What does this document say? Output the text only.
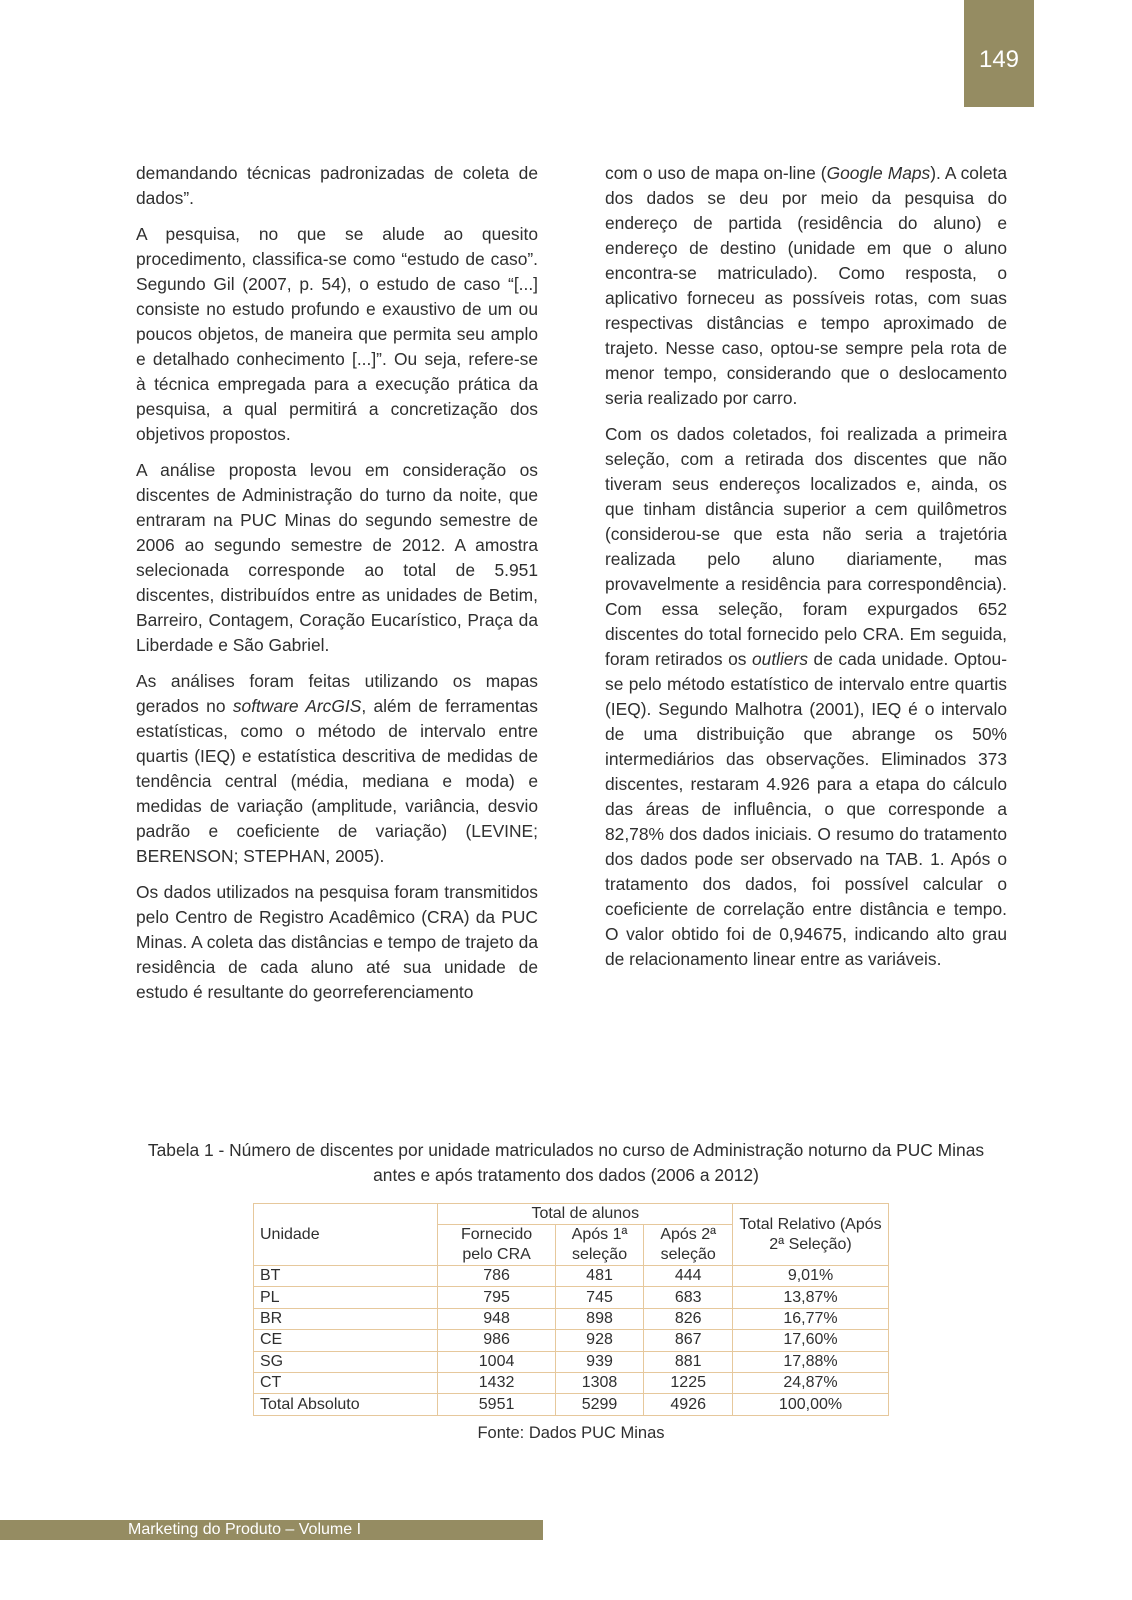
149

demandando técnicas padronizadas de coleta de dados”.

A pesquisa, no que se alude ao quesito procedimento, classifica-se como “estudo de caso”. Segundo Gil (2007, p. 54), o estudo de caso “[...] consiste no estudo profundo e exaustivo de um ou poucos objetos, de maneira que permita seu amplo e detalhado conhecimento [...]”. Ou seja, refere-se à técnica empregada para a execução prática da pesquisa, a qual permitirá a concretização dos objetivos propostos.

A análise proposta levou em consideração os discentes de Administração do turno da noite, que entraram na PUC Minas do segundo semestre de 2006 ao segundo semestre de 2012. A amostra selecionada corresponde ao total de 5.951 discentes, distribuídos entre as unidades de Betim, Barreiro, Contagem, Coração Eucarístico, Praça da Liberdade e São Gabriel.

As análises foram feitas utilizando os mapas gerados no software ArcGIS, além de ferramentas estatísticas, como o método de intervalo entre quartis (IEQ) e estatística descritiva de medidas de tendência central (média, mediana e moda) e medidas de variação (amplitude, variância, desvio padrão e coeficiente de variação) (LEVINE; BERENSON; STEPHAN, 2005).

Os dados utilizados na pesquisa foram transmitidos pelo Centro de Registro Acadêmico (CRA) da PUC Minas. A coleta das distâncias e tempo de trajeto da residência de cada aluno até sua unidade de estudo é resultante do georreferenciamento

com o uso de mapa on-line (Google Maps). A coleta dos dados se deu por meio da pesquisa do endereço de partida (residência do aluno) e endereço de destino (unidade em que o aluno encontra-se matriculado). Como resposta, o aplicativo forneceu as possíveis rotas, com suas respectivas distâncias e tempo aproximado de trajeto. Nesse caso, optou-se sempre pela rota de menor tempo, considerando que o deslocamento seria realizado por carro.

Com os dados coletados, foi realizada a primeira seleção, com a retirada dos discentes que não tiveram seus endereços localizados e, ainda, os que tinham distância superior a cem quilômetros (considerou-se que esta não seria a trajetória realizada pelo aluno diariamente, mas provavelmente a residência para correspondência). Com essa seleção, foram expurgados 652 discentes do total fornecido pelo CRA. Em seguida, foram retirados os outliers de cada unidade. Optou-se pelo método estatístico de intervalo entre quartis (IEQ). Segundo Malhotra (2001), IEQ é o intervalo de uma distribuição que abrange os 50% intermediários das observações. Eliminados 373 discentes, restaram 4.926 para a etapa do cálculo das áreas de influência, o que corresponde a 82,78% dos dados iniciais. O resumo do tratamento dos dados pode ser observado na TAB. 1. Após o tratamento dos dados, foi possível calcular o coeficiente de correlação entre distância e tempo. O valor obtido foi de 0,94675, indicando alto grau de relacionamento linear entre as variáveis.

Tabela 1 - Número de discentes por unidade matriculados no curso de Administração noturno da PUC Minas antes e após tratamento dos dados (2006 a 2012)
Unidade	Total de alunos			Total Relativo (Após 2ª Seleção)
	Fornecido pelo CRA	Após 1ª seleção	Após 2ª seleção	
BT	786	481	444	9,01%
PL	795	745	683	13,87%
BR	948	898	826	16,77%
CE	986	928	867	17,60%
SG	1004	939	881	17,88%
CT	1432	1308	1225	24,87%
Total Absoluto	5951	5299	4926	100,00%
Fonte: Dados PUC Minas
Marketing do Produto – Volume I
